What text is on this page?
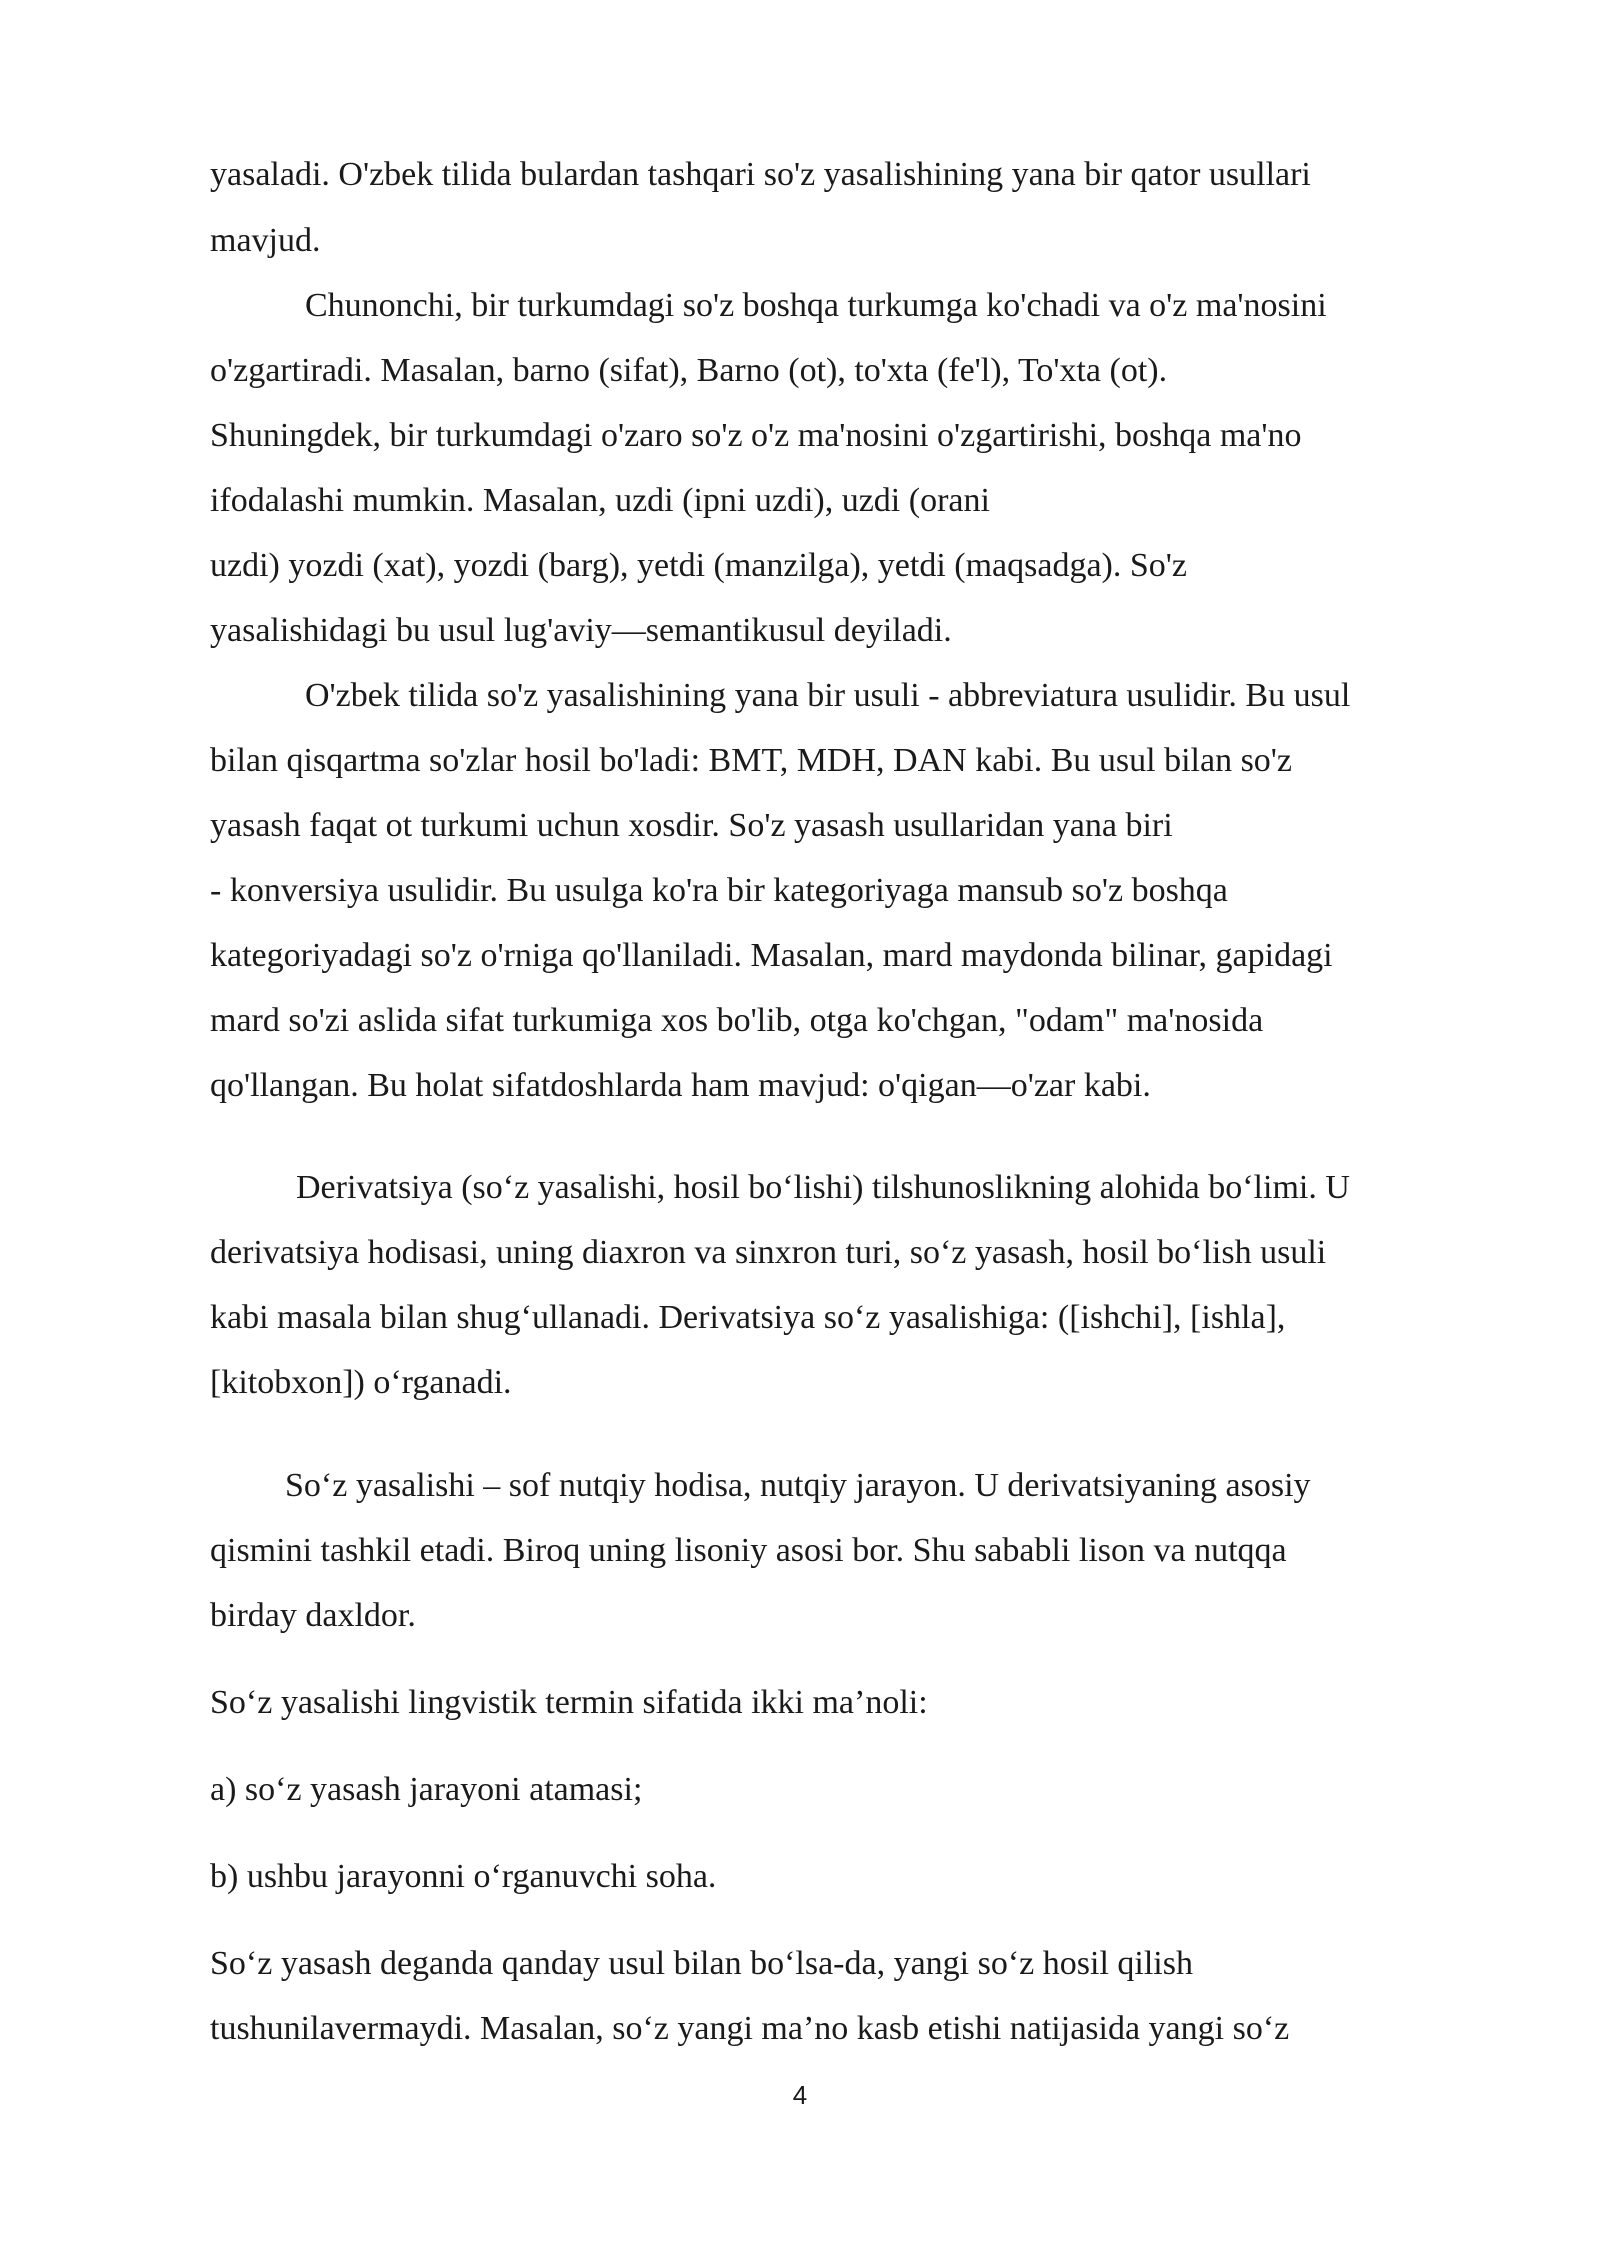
yasaladi. O'zbek tilida bulardan tashqari so'z yasalishining yana bir qator usullari
mavjud.
Chunonchi, bir turkumdagi so'z boshqa turkumga ko'chadi va o'z ma'nosini
o'zgartiradi. Masalan, barno (sifat), Barno (ot), to'xta (fe'l), To'xta (ot).
Shuningdek, bir turkumdagi o'zaro so'z o'z ma'nosini o'zgartirishi, boshqa ma'no
ifodalashi mumkin. Masalan, uzdi (ipni uzdi), uzdi (orani
uzdi) yozdi (xat), yozdi (barg), yetdi (manzilga), yetdi (maqsadga). So'z
yasalishidagi bu usul lug'aviy—semantikusul deyiladi.
O'zbek tilida so'z yasalishining yana bir usuli - abbreviatura usulidir. Bu usul
bilan qisqartma so'zlar hosil bo'ladi: BMT, MDH, DAN kabi. Bu usul bilan so'z
yasash faqat ot turkumi uchun xosdir. So'z yasash usullaridan yana biri
- konversiya usulidir. Bu usulga ko'ra bir kategoriyaga mansub so'z boshqa
kategoriyadagi so'z o'rniga qo'llaniladi. Masalan, mard maydonda bilinar, gapidagi
mard so'zi aslida sifat turkumiga xos bo'lib, otga ko'chgan, "odam" ma'nosida
qo'llangan. Bu holat sifatdoshlarda ham mavjud: o'qigan—o'zar kabi.
Derivatsiya (so‘z yasalishi, hosil bo‘lishi) tilshunoslikning alohida bo‘limi. U
derivatsiya hodisasi, uning diaxron va sinxron turi, so‘z yasash, hosil bo‘lish usuli
kabi masala bilan shug‘ullanadi. Derivatsiya so‘z yasalishiga: ([ishchi], [ishla],
[kitobxon]) o‘rganadi.
So‘z yasalishi – sof nutqiy hodisa, nutqiy jarayon. U derivatsiyaning asosiy
qismini tashkil etadi. Biroq uning lisoniy asosi bor. Shu sababli lison va nutqqa
birday daxldor.
So‘z yasalishi lingvistik termin sifatida ikki ma’noli:
a) so‘z yasash jarayoni atamasi;
b) ushbu jarayonni o‘rganuvchi soha.
So‘z yasash deganda qanday usul bilan bo‘lsa-da, yangi so‘z hosil qilish
tushunilavermaydi. Masalan, so‘z yangi ma’no kasb etishi natijasida yangi so‘z
4
